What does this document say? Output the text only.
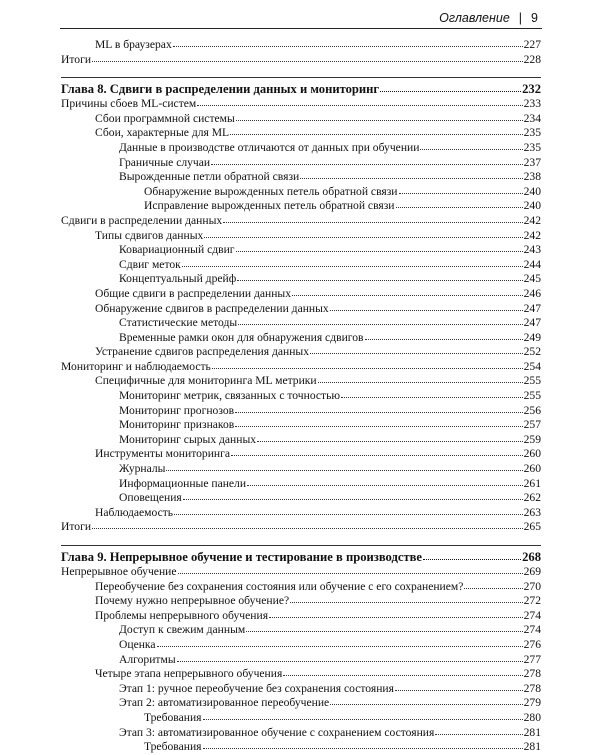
Оглавление | 9
ML в браузерах	227
Итоги	228
Глава 8. Сдвиги в распределении данных и мониторинг	232
Причины сбоев ML-систем	233
Сбои программной системы	234
Сбои, характерные для ML	235
Данные в производстве отличаются от данных при обучении	235
Граничные случаи	237
Вырожденные петли обратной связи	238
Обнаружение вырожденных петель обратной связи	240
Исправление вырожденных петель обратной связи	240
Сдвиги в распределении данных	242
Типы сдвигов данных	242
Ковариационный сдвиг	243
Сдвиг меток	244
Концептуальный дрейф	245
Общие сдвиги в распределении данных	246
Обнаружение сдвигов в распределении данных	247
Статистические методы	247
Временные рамки окон для обнаружения сдвигов	249
Устранение сдвигов распределения данных	252
Мониторинг и наблюдаемость	254
Специфичные для мониторинга ML метрики	255
Мониторинг метрик, связанных с точностью	255
Мониторинг прогнозов	256
Мониторинг признаков	257
Мониторинг сырых данных	259
Инструменты мониторинга	260
Журналы	260
Информационные панели	261
Оповещения	262
Наблюдаемость	263
Итоги	265
Глава 9. Непрерывное обучение и тестирование в производстве	268
Непрерывное обучение	269
Переобучение без сохранения состояния или обучение с его сохранением?	270
Почему нужно непрерывное обучение?	272
Проблемы непрерывного обучения	274
Доступ к свежим данным	274
Оценка	276
Алгоритмы	277
Четыре этапа непрерывного обучения	278
Этап 1: ручное переобучение без сохранения состояния	278
Этап 2: автоматизированное переобучение	279
Требования	280
Этап 3: автоматизированное обучение с сохранением состояния	281
Требования	281
